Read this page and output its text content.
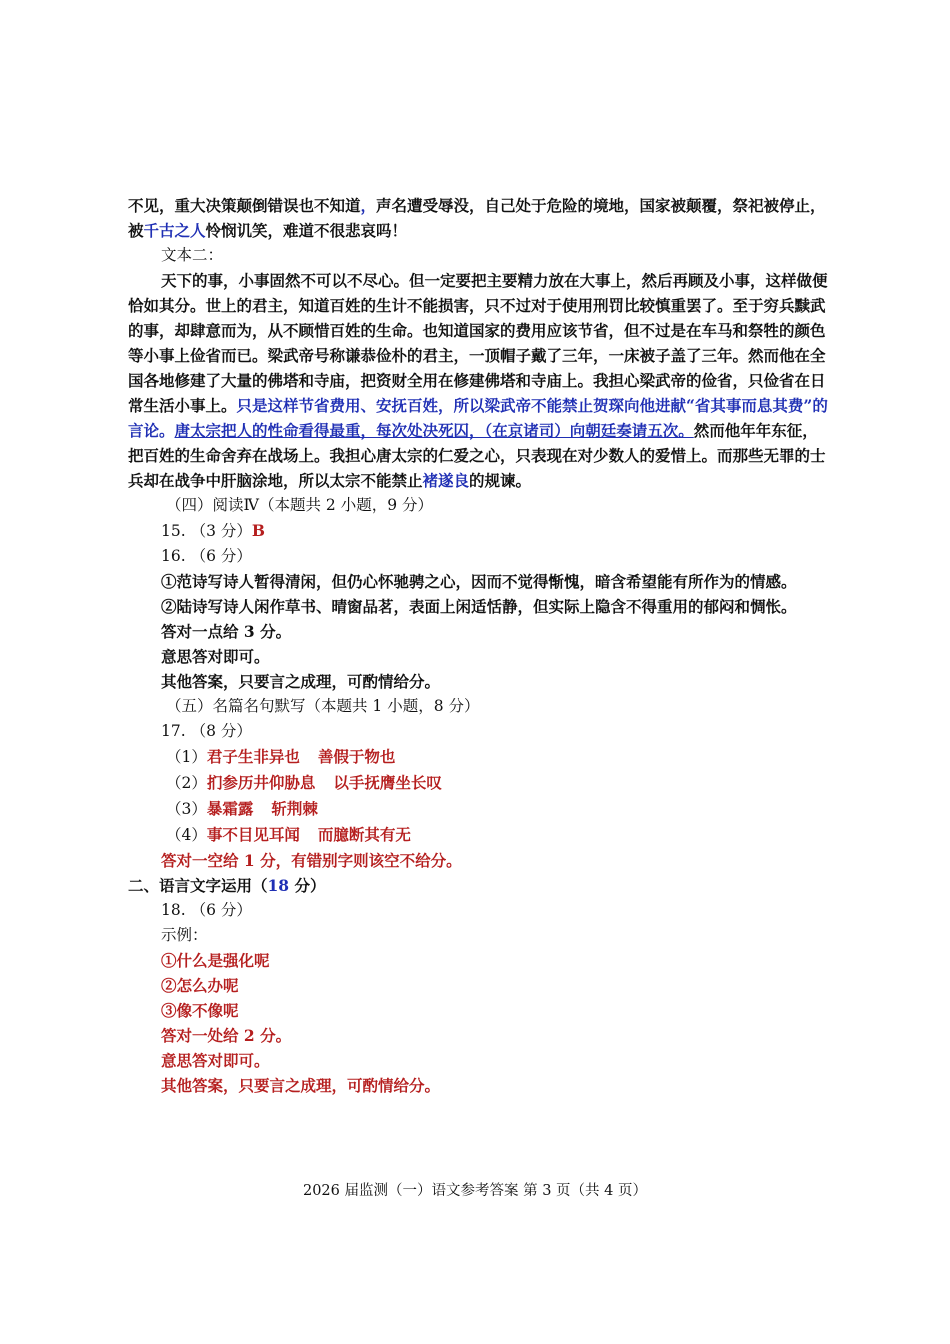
不见，重大决策颠倒错误也不知道，声名遭受辱没，自己处于危险的境地，国家被颠覆，祭祀被停止，被千古之人怜悯讥笑，难道不很悲哀吗！

文本二：

天下的事，小事固然不可以不尽心。但一定要把主要精力放在大事上，然后再顾及小事，这样做便恰如其分。世上的君主，知道百姓的生计不能损害，只不过对于使用刑罚比较慎重罢了。至于穷兵黩武的事，却肆意而为，从不顾惜百姓的生命。也知道国家的费用应该节省，但不过是在车马和祭牲的颜色等小事上俭省而已。梁武帝号称谦恭俭朴的君主，一顶帽子戴了三年，一床被子盖了三年。然而他在全国各地修建了大量的佛塔和寺庙，把资财全用在修建佛塔和寺庙上。我担心梁武帝的俭省，只俭省在日常生活小事上。只是这样节省费用、安抚百姓，所以梁武帝不能禁止贺琛向他进献“省其事而息其费”的言论。唐太宗把人的性命看得最重，每次处决死囚，（在京诸司）向朝廷奏请五次。然而他年年东征，把百姓的生命舍弃在战场上。我担心唐太宗的仁爱之心，只表现在对少数人的爱惜上。而那些无罪的士兵却在战争中肝脑涂地，所以太宗不能禁止褚遂良的规谏。

（四）阅读Ⅳ（本题共 2 小题，9 分）

15. （3 分）B

16. （6 分）

①范诗写诗人暂得清闲，但仍心怀驰骋之心，因而不觉得惭愧，暗含希望能有所作为的情感。

②陆诗写诗人闲作草书、晴窗品茗，表面上闲适恬静，但实际上隐含不得重用的郁闷和惆怅。

答对一点给 3 分。

意思答对即可。

其他答案，只要言之成理，可酌情给分。

（五）名篇名句默写（本题共 1 小题，8 分）

17. （8 分）

（1）君子生非异也 善假于物也

（2）扪参历井仰胁息 以手抚膺坐长叹

（3）暴霜露 斩荆棘

（4）事不目见耳闻 而臆断其有无

答对一空给 1 分，有错别字则该空不给分。

二、语言文字运用（18 分）

18. （6 分）

示例：

①什么是强化呢

②怎么办呢

③像不像呢

答对一处给 2 分。

意思答对即可。

其他答案，只要言之成理，可酌情给分。

2026 届监测（一）语文参考答案 第 3 页（共 4 页）
